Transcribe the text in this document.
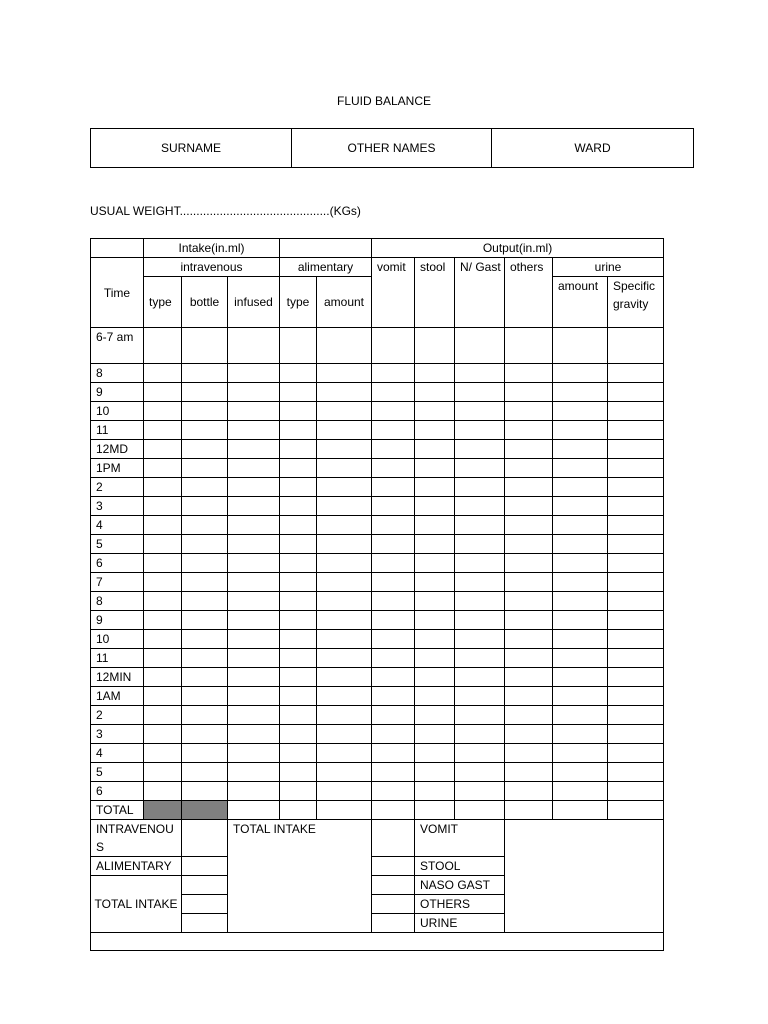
FLUID BALANCE
SURNAME	OTHER NAMES	WARD
USUAL WEIGHT.............................................(KGs)
	Intake(in.ml)					Output(in.ml)					
Time	intravenous			alimentary		vomit	stool	N/ Gast	others	urine	
	type	bottle	infused	type	amount					amount	Specific gravity
6-7 am											
8											
9											
10											
11											
12MD											
1PM											
2											
3											
4											
5											
6											
7											
8											
9											
10											
11											
12MIN											
1AM											
2											
3											
4											
5											
6											
TOTAL											
INTRAVENOUS			TOTAL INTAKE				VOMIT				
ALIMENTARY							STOOL				
TOTAL INTAKE							NASO GAST				
							OTHERS				
							URINE				
